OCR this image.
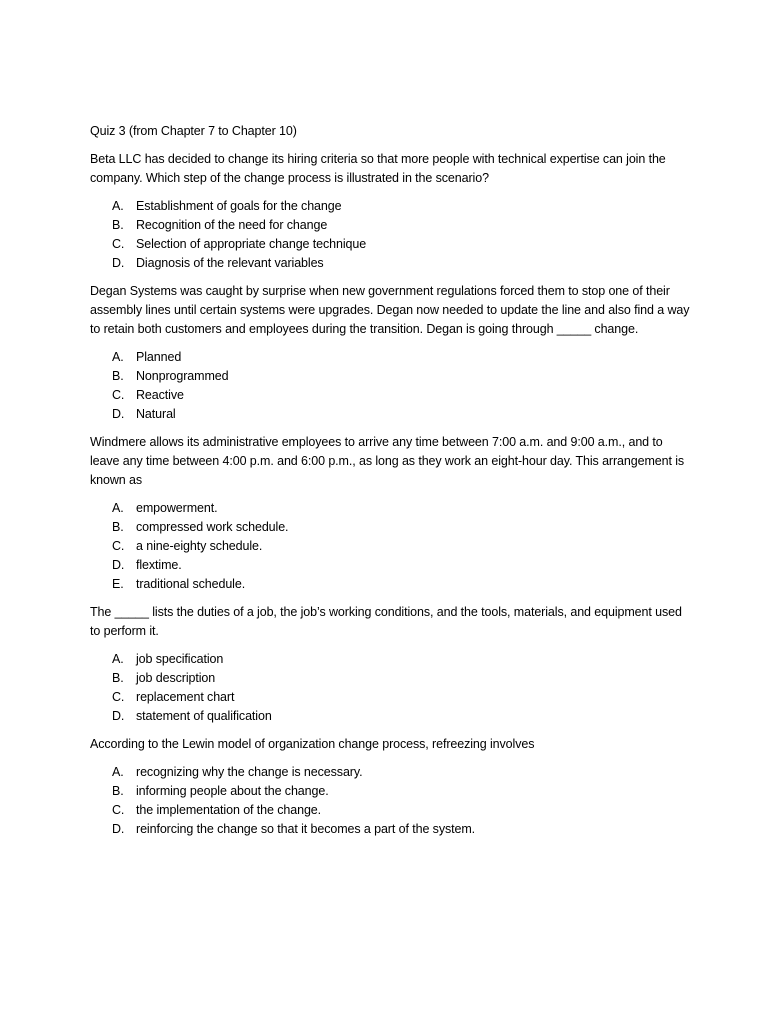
Quiz 3 (from Chapter 7 to Chapter 10)
Beta LLC has decided to change its hiring criteria so that more people with technical expertise can join the company. Which step of the change process is illustrated in the scenario?
A. Establishment of goals for the change
B. Recognition of the need for change
C. Selection of appropriate change technique
D. Diagnosis of the relevant variables
Degan Systems was caught by surprise when new government regulations forced them to stop one of their assembly lines until certain systems were upgrades. Degan now needed to update the line and also find a way to retain both customers and employees during the transition. Degan is going through _____ change.
A. Planned
B. Nonprogrammed
C. Reactive
D. Natural
Windmere allows its administrative employees to arrive any time between 7:00 a.m. and 9:00 a.m., and to leave any time between 4:00 p.m. and 6:00 p.m., as long as they work an eight-hour day. This arrangement is known as
A. empowerment.
B. compressed work schedule.
C. a nine-eighty schedule.
D. flextime.
E. traditional schedule.
The _____ lists the duties of a job, the job’s working conditions, and the tools, materials, and equipment used to perform it.
A. job specification
B. job description
C. replacement chart
D. statement of qualification
According to the Lewin model of organization change process, refreezing involves
A. recognizing why the change is necessary.
B. informing people about the change.
C. the implementation of the change.
D. reinforcing the change so that it becomes a part of the system.
